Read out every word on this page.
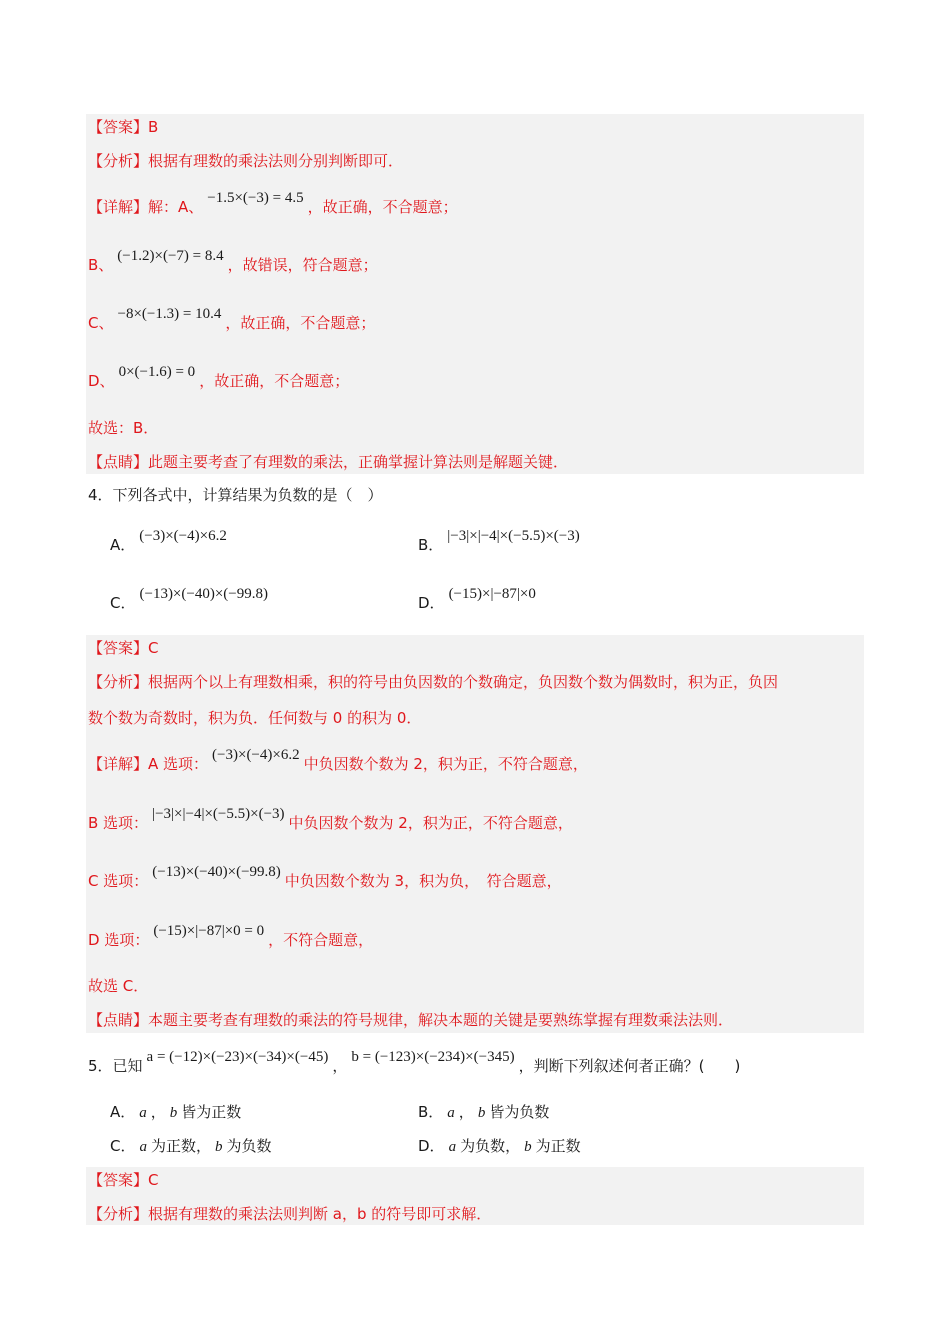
【答案】B
【分析】根据有理数的乘法法则分别判断即可．
【详解】解：A、 −1.5×(−3) = 4.5 ，故正确，不合题意；
B、 (−1.2)×(−7) = 8.4 ，故错误，符合题意；
C、 −8×(−1.3) = 10.4 ，故正确，不合题意；
D、 0×(−1.6) = 0 ，故正确，不合题意；
故选：B．
【点睛】此题主要考查了有理数的乘法，正确掌握计算法则是解题关键．
4．下列各式中，计算结果为负数的是（　）
A． (−3)×(−4)×6.2	B． |−3|×|−4|×(−5.5)×(−3)
C． (−13)×(−40)×(−99.8)	D． (−15)×|−87|×0
【答案】C
【分析】根据两个以上有理数相乘，积的符号由负因数的个数确定，负因数个数为偶数时，积为正，负因
数个数为奇数时，积为负．任何数与 0 的积为 0．
【详解】A 选项： (−3)×(−4)×6.2 中负因数个数为 2，积为正，不符合题意，
B 选项： |−3|×|−4|×(−5.5)×(−3) 中负因数个数为 2，积为正，不符合题意，
C 选项： (−13)×(−40)×(−99.8) 中负因数个数为 3，积为负，　符合题意，
D 选项： (−15)×|−87|×0 = 0 ，不符合题意，
故选 C．
【点睛】本题主要考查有理数的乘法的符号规律，解决本题的关键是要熟练掌握有理数乘法法则．
5．已知 a = (−12)×(−23)×(−34)×(−45) ， b = (−123)×(−234)×(−345) ，判断下列叙述何者正确？(　　)
A． a ， b 皆为正数	B． a ， b 皆为负数
C． a 为正数， b 为负数	D． a 为负数， b 为正数
【答案】C
【分析】根据有理数的乘法法则判断 a，b 的符号即可求解．
